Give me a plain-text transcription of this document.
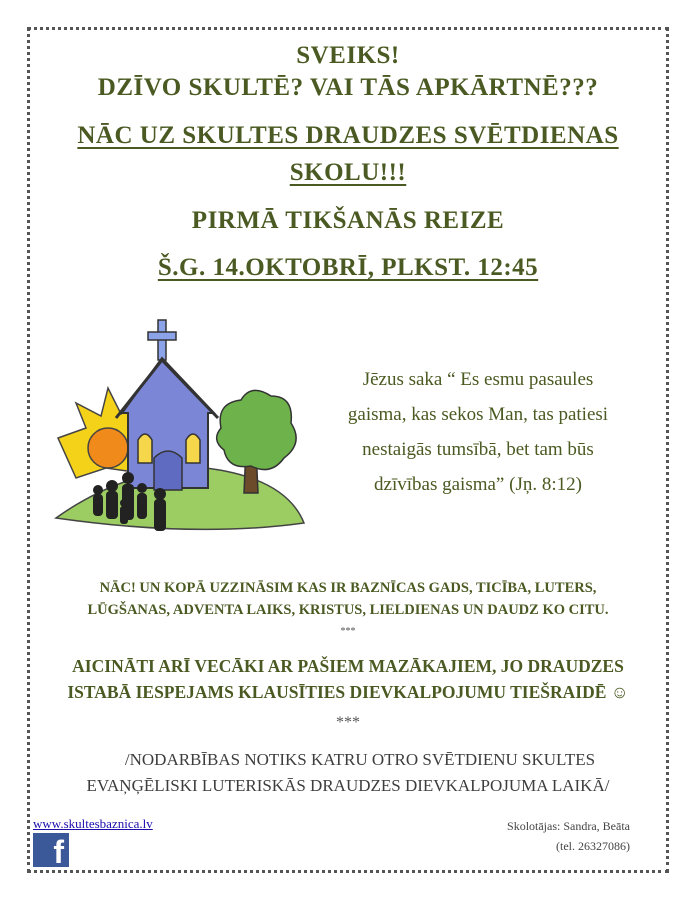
SVEIKS!

DZĪVO SKULTĒ? VAI TĀS APKĀRTNĒ???

NĀC UZ SKULTES DRAUDZES SVĒTDIENAS

SKOLU!!!

PIRMĀ TIKŠANĀS REIZE

Š.G. 14.OKTOBRĪ, PLKST. 12:45

Jēzus saka “ Es esmu pasaules
gaisma, kas sekos Man, tas patiesi
nestaigās tumsībā, bet tam būs
dzīvības gaisma” (Jņ. 8:12)

NĀC! UN KOPĀ UZZINĀSIM KAS IR BAZNĪCAS GADS, TICĪBA, LUTERS,

LŪGŠANAS, ADVENTA LAIKS, KRISTUS, LIELDIENAS UN DAUDZ KO CITU.

***

AICINĀTI ARĪ VECĀKI AR PAŠIEM MAZĀKAJIEM, JO DRAUDZES

ISTABĀ IESPEJAMS KLAUSĪTIES DIEVKALPOJUMU TIEŠRAIDĒ ☺

***

/NODARBĪBAS NOTIKS KATRU OTRO SVĒTDIENU SKULTES

EVAŅĢĒLISKI LUTERISKĀS DRAUDZES DIEVKALPOJUMA LAIKĀ/

www.skultesbaznica.lv
f
Skolotājas: Sandra, Beāta
(tel. 26327086)
